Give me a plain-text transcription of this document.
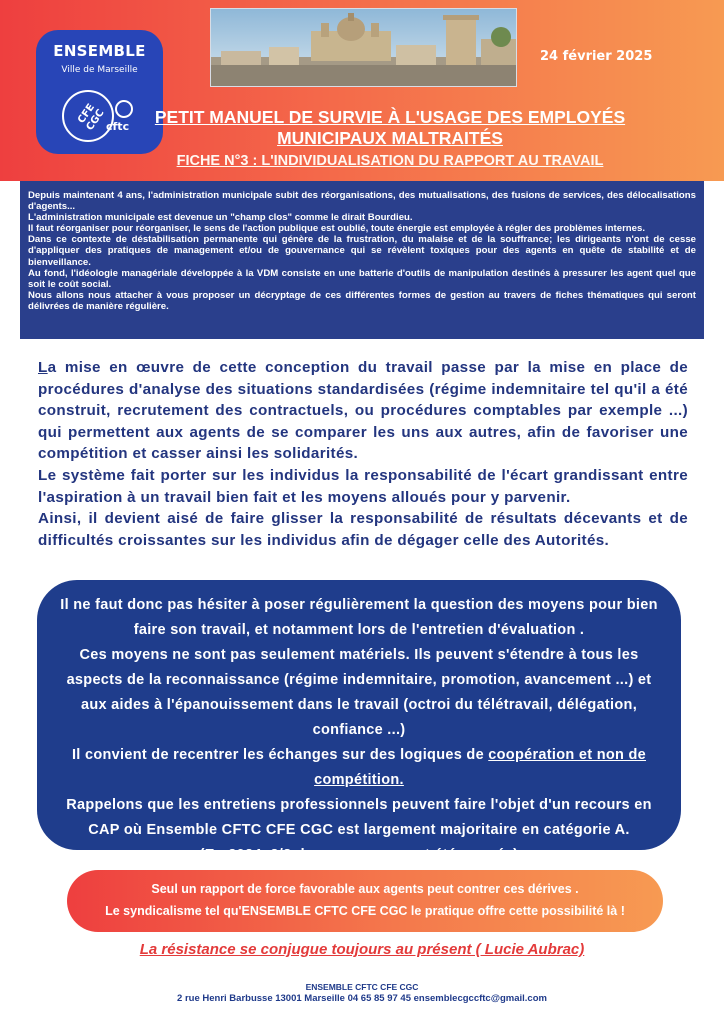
ENSEMBLE
Ville de Marseille
CFE CGC cftc
24 février 2025
PETIT MANUEL DE SURVIE À L'USAGE DES EMPLOYÉS
MUNICIPAUX MALTRAITÉS
FICHE N°3 : L'INDIVIDUALISATION DU RAPPORT AU TRAVAIL

Depuis maintenant 4 ans, l'administration municipale subit des réorganisations, des mutualisations, des fusions de services, des délocalisations d'agents...

L'administration municipale est devenue un "champ clos" comme le dirait Bourdieu.

Il faut réorganiser pour réorganiser, le sens de l'action publique est oublié, toute énergie est employée à régler des problèmes internes.

Dans ce contexte de déstabilisation permanente qui génère de la frustration, du malaise et de la souffrance; les dirigeants n'ont de cesse d'appliquer des pratiques de management et/ou de gouvernance qui se révèlent toxiques pour des agents en quête de stabilité et de bienveillance.

Au fond, l'idéologie managériale développée à la VDM consiste en une batterie d'outils de manipulation destinés à pressurer les agent quel que soit le coût social.

Nous allons nous attacher à vous proposer un décryptage de ces différentes formes de gestion au travers de fiches thématiques qui seront délivrées de manière régulière.

La mise en œuvre de cette conception du travail passe par la mise en place de procédures d'analyse des situations standardisées (régime indemnitaire tel qu'il a été construit, recrutement des contractuels, ou procédures comptables par exemple ...) qui permettent aux agents de se comparer les uns aux autres, afin de favoriser une compétition et casser ainsi les solidarités.

Le système fait porter sur les individus la responsabilité de l'écart grandissant entre l'aspiration à un travail bien fait et les moyens alloués pour y parvenir.

Ainsi, il devient aisé de faire glisser la responsabilité de résultats décevants et de difficultés croissantes sur les individus afin de dégager celle des Autorités.

Il ne faut donc pas hésiter à poser régulièrement la question des moyens pour bien faire son travail, et notamment lors de l'entretien d'évaluation .

Ces moyens ne sont pas seulement matériels. Ils peuvent s'étendre à tous les aspects de la reconnaissance (régime indemnitaire, promotion, avancement ...) et aux aides à l'épanouissement dans le travail (octroi du télétravail, délégation, confiance ...)

Il convient de recentrer les échanges sur des logiques de coopération et non de compétition.

Rappelons que les entretiens professionnels peuvent faire l'objet d'un recours en CAP où Ensemble CFTC CFE CGC est largement majoritaire en catégorie A.

(En 2024, 2/3 de ces recours ont été gagnés)

Seul un rapport de force favorable aux agents peut contrer ces dérives .

Le syndicalisme tel qu'ENSEMBLE CFTC CFE CGC le pratique offre cette possibilité là !

La résistance se conjugue toujours au présent ( Lucie Aubrac)
ENSEMBLE CFTC CFE CGC
2 rue Henri Barbusse 13001 Marseille 04 65 85 97 45 ensemblecgccftc@gmail.com
